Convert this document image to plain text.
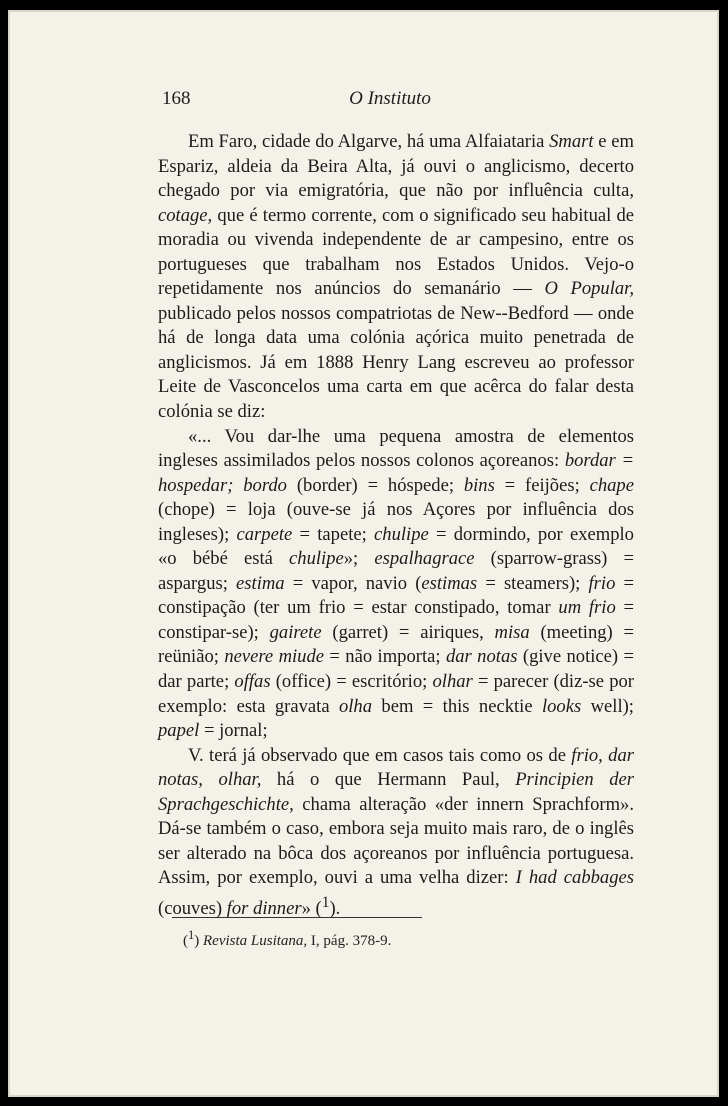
168	O Instituto

Em Faro, cidade do Algarve, há uma Alfaiataria Smart e em Espariz, aldeia da Beira Alta, já ouvi o anglicismo, decerto chegado por via emigratória, que não por influência culta, cotage, que é termo corrente, com o significado seu habitual de moradia ou vivenda independente de ar campesino, entre os portugueses que trabalham nos Estados Unidos. Vejo-o repetidamente nos anúncios do semanário — O Popular, publicado pelos nossos compatriotas de New--Bedford — onde há de longa data uma colónia açórica muito penetrada de anglicismos. Já em 1888 Henry Lang escreveu ao professor Leite de Vasconcelos uma carta em que acêrca do falar desta colónia se diz:

«... Vou dar-lhe uma pequena amostra de elementos ingleses assimilados pelos nossos colonos açoreanos: bordar = hospedar; bordo (border) = hóspede; bins = feijões; chape (chope) = loja (ouve-se já nos Açores por influência dos ingleses); carpete = tapete; chulipe = dormindo, por exemplo «o bébé está chulipe»; espalhagrace (sparrow-grass) = aspargus; estima = vapor, navio (estimas = steamers); frio = constipação (ter um frio = estar constipado, tomar um frio = constipar-se); gairete (garret) = airiques, misa (meeting) = reünião; nevere miude = não importa; dar notas (give notice) = dar parte; offas (office) = escritório; olhar = parecer (diz-se por exemplo: esta gravata olha bem = this necktie looks well); papel = jornal;

V. terá já observado que em casos tais como os de frio, dar notas, olhar, há o que Hermann Paul, Principien der Sprachgeschichte, chama alteração «der innern Sprachform». Dá-se também o caso, embora seja muito mais raro, de o inglês ser alterado na bôca dos açoreanos por influência portuguesa. Assim, por exemplo, ouvi a uma velha dizer: I had cabbages (couves) for dinner» ($^1$).

($^1$) Revista Lusitana, I, pág. 378-9.
